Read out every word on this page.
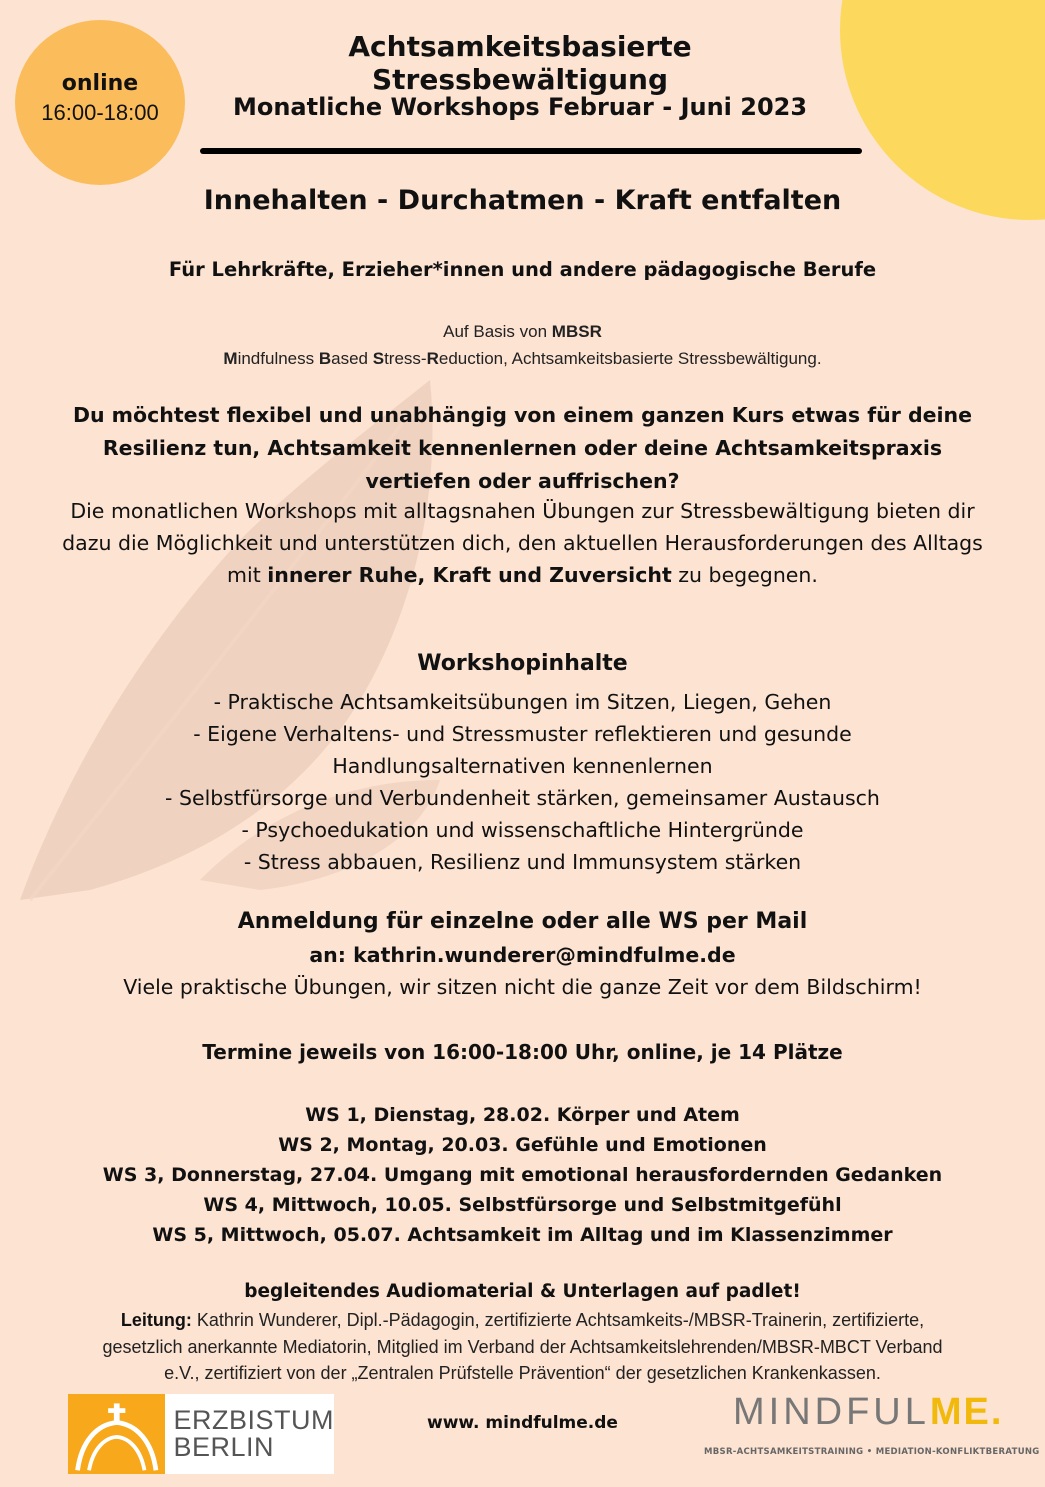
online
16:00-18:00
Achtsamkeitsbasierte Stressbewältigung
Monatliche Workshops Februar - Juni 2023
Innehalten - Durchatmen - Kraft entfalten
Für Lehrkräfte, Erzieher*innen und andere pädagogische Berufe
Auf Basis von MBSR
Mindfulness Based Stress-Reduction, Achtsamkeitsbasierte Stressbewältigung.
Du möchtest flexibel und unabhängig von einem ganzen Kurs etwas für deine Resilienz tun, Achtsamkeit kennenlernen oder deine Achtsamkeitspraxis vertiefen oder auffrischen?
Die monatlichen Workshops mit alltagsnahen Übungen zur Stressbewältigung bieten dir dazu die Möglichkeit und unterstützen dich, den aktuellen Herausforderungen des Alltags mit innerer Ruhe, Kraft und Zuversicht zu begegnen.
Workshopinhalte
- Praktische Achtsamkeitsübungen im Sitzen, Liegen, Gehen
- Eigene Verhaltens- und Stressmuster reflektieren und gesunde
Handlungsalternativen kennenlernen
- Selbstfürsorge und Verbundenheit stärken, gemeinsamer Austausch
- Psychoedukation und wissenschaftliche Hintergründe
- Stress abbauen, Resilienz und Immunsystem stärken
Anmeldung für einzelne oder alle WS per Mail
an: kathrin.wunderer@mindfulme.de
Viele praktische Übungen, wir sitzen nicht die ganze Zeit vor dem Bildschirm!
Termine jeweils von 16:00-18:00 Uhr, online, je 14 Plätze
WS 1, Dienstag, 28.02. Körper und Atem
WS 2, Montag, 20.03. Gefühle und Emotionen
WS 3, Donnerstag, 27.04. Umgang mit emotional herausfordernden Gedanken
WS 4, Mittwoch, 10.05. Selbstfürsorge und Selbstmitgefühl
WS 5, Mittwoch, 05.07. Achtsamkeit im Alltag und im Klassenzimmer
begleitendes Audiomaterial & Unterlagen auf padlet!
Leitung: Kathrin Wunderer, Dipl.-Pädagogin, zertifizierte Achtsamkeits-/MBSR-Trainerin, zertifizierte, gesetzlich anerkannte Mediatorin, Mitglied im Verband der Achtsamkeitslehrenden/MBSR-MBCT Verband e.V., zertifiziert von der „Zentralen Prüfstelle Prävention“ der gesetzlichen Krankenkassen.
www. mindfulme.de
ERZBISTUM
BERLIN
MINDFULME.
MBSR-ACHTSAMKEITSTRAINING • MEDIATION-KONFLIKTBERATUNG
